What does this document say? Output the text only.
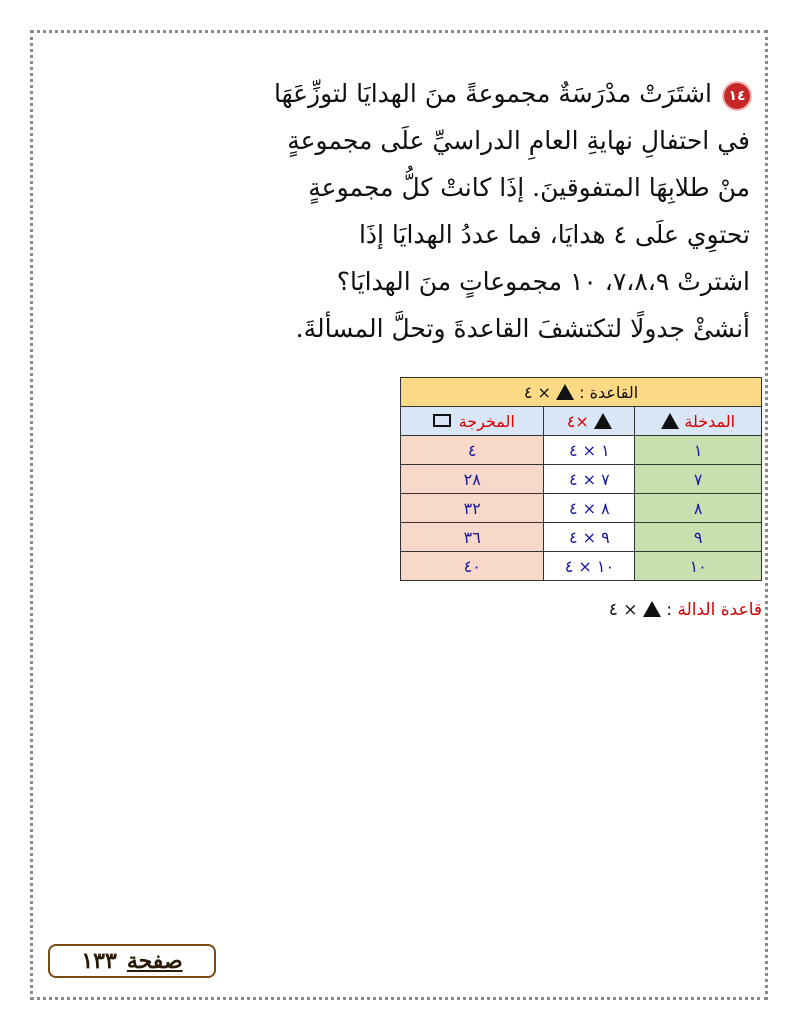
١٤اشتَرَتْ مدْرَسَةٌ مجموعةً منَ الهدايَا لتوزِّعَهَا
في احتفالِ نهايةِ العامِ الدراسيِّ علَى مجموعةٍ
منْ طلابِهَا المتفوقينَ. إذَا كانتْ كلُّ مجموعةٍ
تحتوِي علَى ٤ هدايَا، فما عددُ الهدايَا إذَا
اشترتْ ٧،٨،٩، ١٠ مجموعاتٍ منَ الهدايَا؟
أنشئْ جدولًا لتكتشفَ القاعدةَ وتحلَّ المسألةَ.
القاعدة :  × ٤		
المدخلة	×٤	المخرجة
١	١ × ٤	٤
٧	٧ × ٤	٢٨
٨	٨ × ٤	٣٢
٩	٩ × ٤	٣٦
١٠	١٠ × ٤	٤٠
قاعدة الدالة :  × ٤
صفحة١٣٣
